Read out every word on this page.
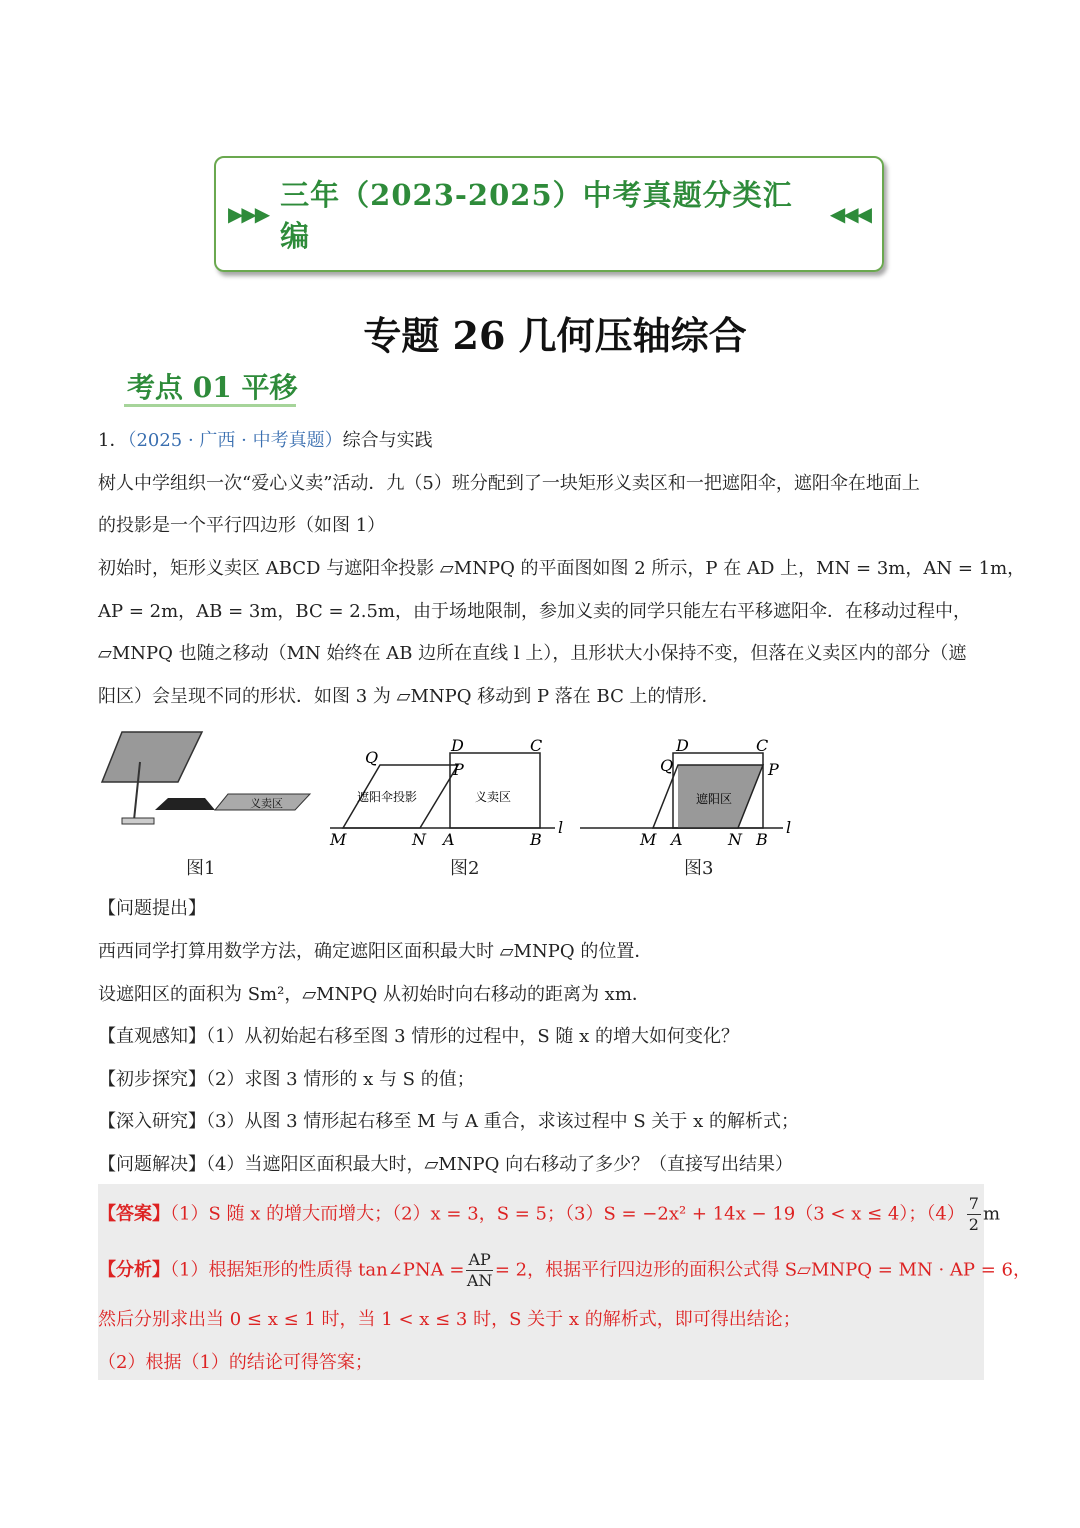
▶▶▶
三年（2023-2025）中考真题分类汇编
◀◀◀
专题 26 几何压轴综合
考点 01 平移
1．（2025 · 广西 · 中考真题）综合与实践
树人中学组织一次“爱心义卖”活动．九（5）班分配到了一块矩形义卖区和一把遮阳伞，遮阳伞在地面上
的投影是一个平行四边形（如图 1）
初始时，矩形义卖区 ABCD 与遮阳伞投影 ▱MNPQ 的平面图如图 2 所示，P 在 AD 上，MN = 3m，AN = 1m，
AP = 2m，AB = 3m，BC = 2.5m，由于场地限制，参加义卖的同学只能左右平移遮阳伞．在移动过程中，
▱MNPQ 也随之移动（MN 始终在 AB 边所在直线 l 上），且形状大小保持不变，但落在义卖区内的部分（遮
阳区）会呈现不同的形状．如图 3 为 ▱MNPQ 移动到 P 落在 BC 上的情形．
义卖区
图1
遮阳伞投影	义卖区
Q
D	C
P
M	N A	B
l
图2
遮阳区
D	C
Q	P
M A	N B
l
图3
【问题提出】
西西同学打算用数学方法，确定遮阳区面积最大时 ▱MNPQ 的位置．
设遮阳区的面积为 Sm²，▱MNPQ 从初始时向右移动的距离为 xm．
【直观感知】（1）从初始起右移至图 3 情形的过程中，S 随 x 的增大如何变化？
【初步探究】（2）求图 3 情形的 x 与 S 的值；
【深入研究】（3）从图 3 情形起右移至 M 与 A 重合，求该过程中 S 关于 x 的解析式；
【问题解决】（4）当遮阳区面积最大时，▱MNPQ 向右移动了多少？（直接写出结果）
【答案】（1）S 随 x 的增大而增大；（2）x = 3，S = 5；（3）S = −2x² + 14x − 19（3 < x ≤ 4）；$(4) \frac{7}{2}$ m
【分析】（1）根据矩形的性质得 tan∠PNA = $\frac{AP}{AN} = 2$，根据平行四边形的面积公式得 S▱MNPQ = MN · AP = 6，
然后分别求出当 0 ≤ x ≤ 1 时，当 1 < x ≤ 3 时，S 关于 x 的解析式，即可得出结论；
（2）根据（1）的结论可得答案；
